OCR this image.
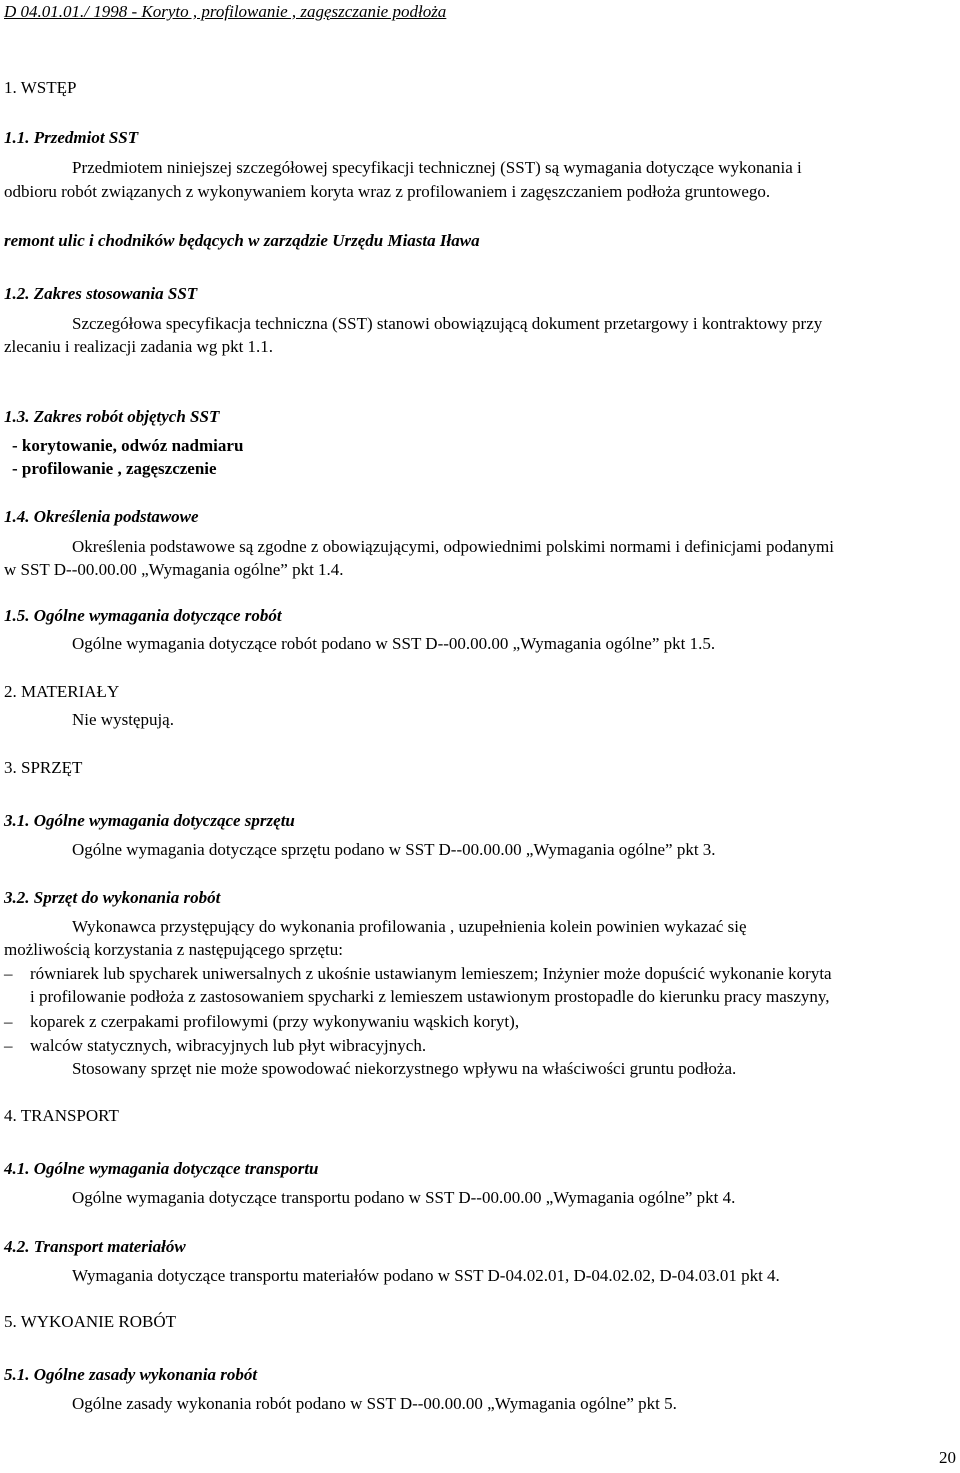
D 04.01.01./ 1998 - Koryto , profilowanie , zagęszczanie podłoża
1. WSTĘP
1.1. Przedmiot SST
Przedmiotem niniejszej szczegółowej specyfikacji technicznej (SST) są wymagania dotyczące wykonania i
odbioru robót związanych z wykonywaniem koryta wraz z profilowaniem i zagęszczaniem podłoża gruntowego.
remont ulic i chodników będących w zarządzie Urzędu Miasta Iława
1.2. Zakres stosowania SST
Szczegółowa specyfikacja techniczna (SST) stanowi obowiązującą dokument przetargowy i kontraktowy przy
zlecaniu i realizacji zadania wg pkt 1.1.
1.3. Zakres robót objętych SST
- korytowanie, odwóz nadmiaru
- profilowanie , zagęszczenie
1.4. Określenia podstawowe
Określenia podstawowe są zgodne z obowiązującymi, odpowiednimi polskimi normami i definicjami podanymi
w SST D--00.00.00 „Wymagania ogólne” pkt 1.4.
1.5. Ogólne wymagania dotyczące robót
Ogólne wymagania dotyczące robót podano w SST D--00.00.00 „Wymagania ogólne” pkt 1.5.
2. MATERIAŁY
Nie występują.
3. SPRZĘT
3.1. Ogólne wymagania dotyczące sprzętu
Ogólne wymagania dotyczące sprzętu podano w SST D--00.00.00 „Wymagania ogólne” pkt 3.
3.2. Sprzęt do wykonania robót
Wykonawca przystępujący do wykonania profilowania , uzupełnienia kolein powinien wykazać się
możliwością korzystania z następującego sprzętu:
–	równiarek lub spycharek uniwersalnych z ukośnie ustawianym lemieszem; Inżynier może dopuścić wykonanie koryta
i profilowanie podłoża z zastosowaniem spycharki z lemieszem ustawionym prostopadle do kierunku pracy maszyny,
–	koparek z czerpakami profilowymi (przy wykonywaniu wąskich koryt),
–	walców statycznych, wibracyjnych lub płyt wibracyjnych.
Stosowany sprzęt nie może spowodować niekorzystnego wpływu na właściwości gruntu podłoża.
4. TRANSPORT
4.1. Ogólne wymagania dotyczące transportu
Ogólne wymagania dotyczące transportu podano w SST D--00.00.00 „Wymagania ogólne” pkt 4.
4.2. Transport materiałów
Wymagania dotyczące transportu materiałów podano w SST D-04.02.01, D-04.02.02, D-04.03.01 pkt 4.
5. WYKOANIE ROBÓT
5.1. Ogólne zasady wykonania robót
Ogólne zasady wykonania robót podano w SST D--00.00.00 „Wymagania ogólne” pkt 5.
20
